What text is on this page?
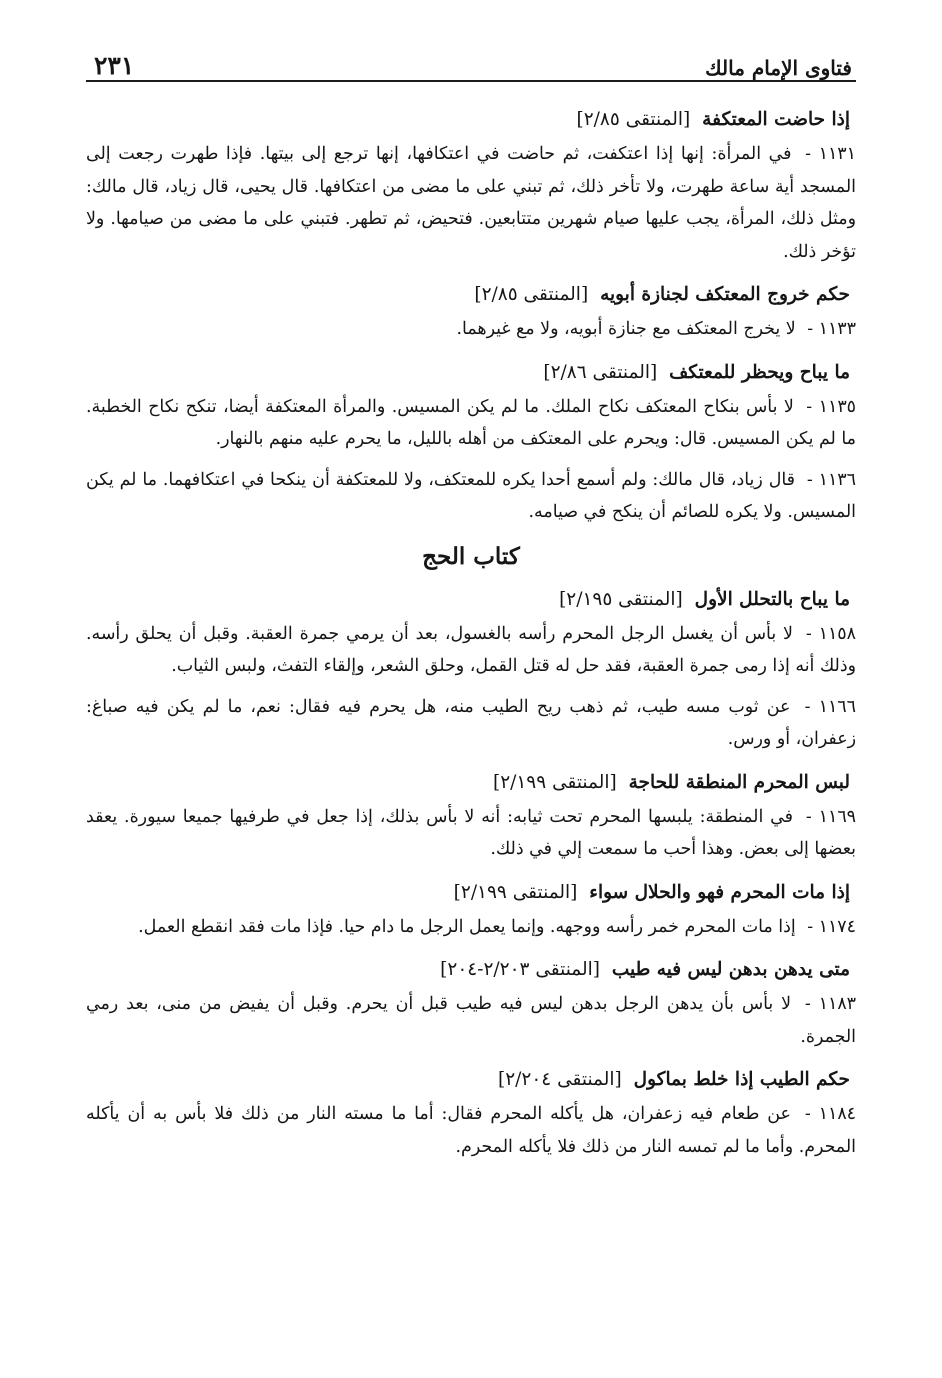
فتاوى الإمام مالك
٢٣١
إذا حاضت المعتكفة [المنتقى ٢/٨٥]

١١٣١ - في المرأة: إنها إذا اعتكفت، ثم حاضت في اعتكافها، إنها ترجع إلى بيتها. فإذا طهرت رجعت إلى المسجد أية ساعة طهرت، ولا تأخر ذلك، ثم تبني على ما مضى من اعتكافها. قال يحيى، قال زياد، قال مالك: ومثل ذلك، المرأة، يجب عليها صيام شهرين متتابعين. فتحيض، ثم تطهر. فتبني على ما مضى من صيامها. ولا تؤخر ذلك.

حكم خروج المعتكف لجنازة أبويه [المنتقى ٢/٨٥]

١١٣٣ - لا يخرج المعتكف مع جنازة أبويه، ولا مع غيرهما.

ما يباح ويحظر للمعتكف [المنتقى ٢/٨٦]

١١٣٥ - لا بأس بنكاح المعتكف نكاح الملك. ما لم يكن المسيس. والمرأة المعتكفة أيضا، تنكح نكاح الخطبة. ما لم يكن المسيس. قال: ويحرم على المعتكف من أهله بالليل، ما يحرم عليه منهم بالنهار.

١١٣٦ - قال زياد، قال مالك: ولم أسمع أحدا يكره للمعتكف، ولا للمعتكفة أن ينكحا في اعتكافهما. ما لم يكن المسيس. ولا يكره للصائم أن ينكح في صيامه.

كتاب الحج
ما يباح بالتحلل الأول [المنتقى ٢/١٩٥]

١١٥٨ - لا بأس أن يغسل الرجل المحرم رأسه بالغسول، بعد أن يرمي جمرة العقبة. وقبل أن يحلق رأسه. وذلك أنه إذا رمى جمرة العقبة، فقد حل له قتل القمل، وحلق الشعر، وإلقاء التفث، ولبس الثياب.

١١٦٦ - عن ثوب مسه طيب، ثم ذهب ريح الطيب منه، هل يحرم فيه فقال: نعم، ما لم يكن فيه صباغ: زعفران، أو ورس.

لبس المحرم المنطقة للحاجة [المنتقى ٢/١٩٩]

١١٦٩ - في المنطقة: يلبسها المحرم تحت ثيابه: أنه لا بأس بذلك، إذا جعل في طرفيها جميعا سيورة. يعقد بعضها إلى بعض. وهذا أحب ما سمعت إلي في ذلك.

إذا مات المحرم فهو والحلال سواء [المنتقى ٢/١٩٩]

١١٧٤ - إذا مات المحرم خمر رأسه ووجهه. وإنما يعمل الرجل ما دام حيا. فإذا مات فقد انقطع العمل.

متى يدهن بدهن ليس فيه طيب [المنتقى ٢/٢٠٣-٢٠٤]

١١٨٣ - لا بأس بأن يدهن الرجل بدهن ليس فيه طيب قبل أن يحرم. وقبل أن يفيض من منى، بعد رمي الجمرة.

حكم الطيب إذا خلط بماكول [المنتقى ٢/٢٠٤]

١١٨٤ - عن طعام فيه زعفران، هل يأكله المحرم فقال: أما ما مسته النار من ذلك فلا بأس به أن يأكله المحرم. وأما ما لم تمسه النار من ذلك فلا يأكله المحرم.
